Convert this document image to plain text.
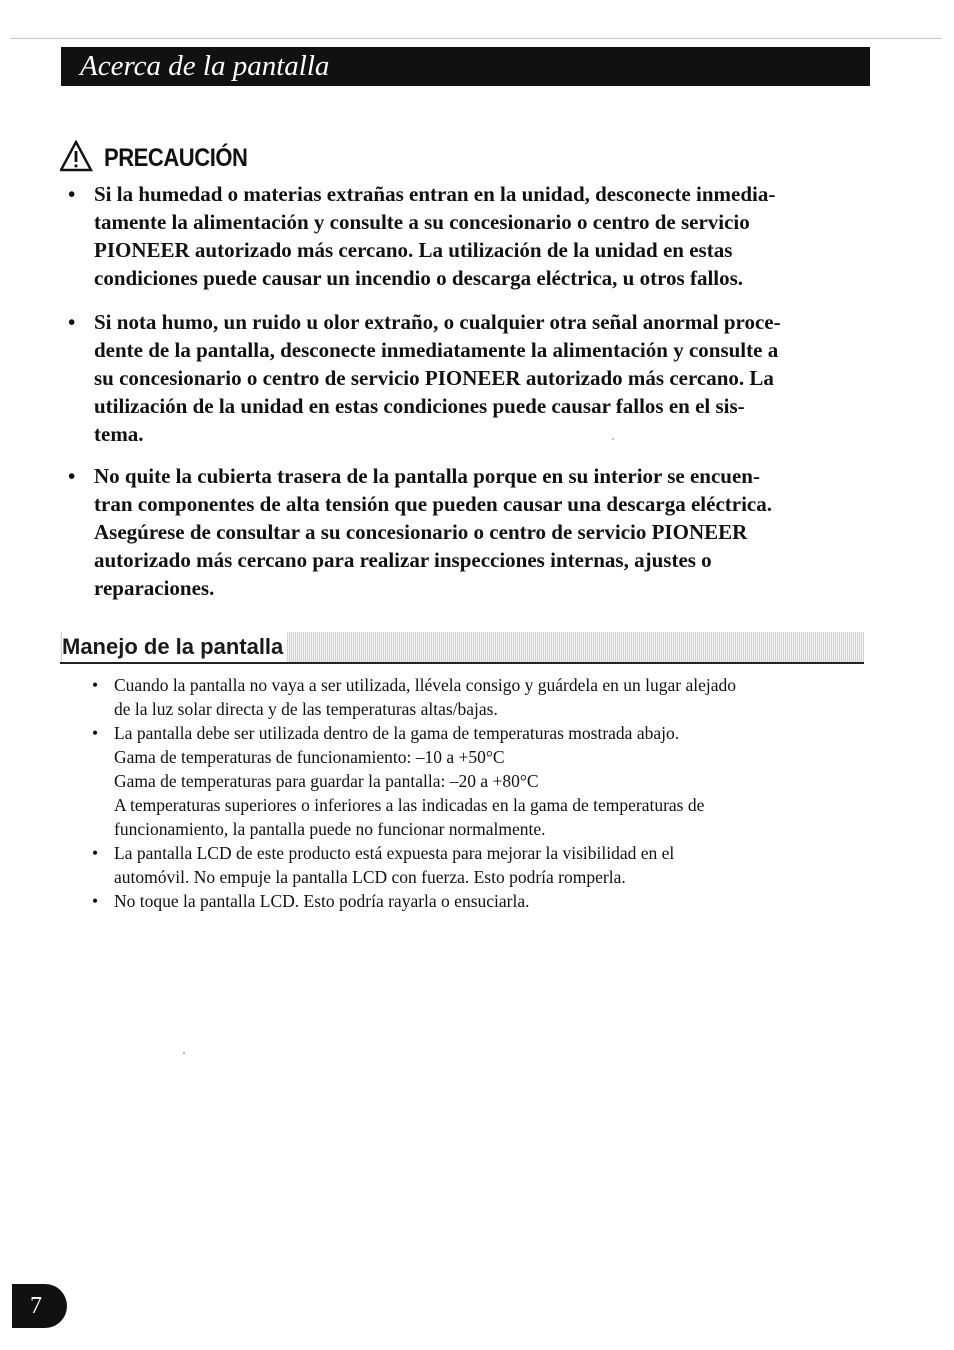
Acerca de la pantalla
PRECAUCIÓN
• Si la humedad o materias extrañas entran en la unidad, desconecte inmedia-
tamente la alimentación y consulte a su concesionario o centro de servicio
PIONEER autorizado más cercano. La utilización de la unidad en estas
condiciones puede causar un incendio o descarga eléctrica, u otros fallos.
• Si nota humo, un ruido u olor extraño, o cualquier otra señal anormal proce-
dente de la pantalla, desconecte inmediatamente la alimentación y consulte a
su concesionario o centro de servicio PIONEER autorizado más cercano. La
utilización de la unidad en estas condiciones puede causar fallos en el sis-
tema.
• No quite la cubierta trasera de la pantalla porque en su interior se encuen-
tran componentes de alta tensión que pueden causar una descarga eléctrica.
Asegúrese de consultar a su concesionario o centro de servicio PIONEER
autorizado más cercano para realizar inspecciones internas, ajustes o
reparaciones.
Manejo de la pantalla
• Cuando la pantalla no vaya a ser utilizada, llévela consigo y guárdela en un lugar alejado
de la luz solar directa y de las temperaturas altas/bajas.
• La pantalla debe ser utilizada dentro de la gama de temperaturas mostrada abajo.
Gama de temperaturas de funcionamiento: –10 a +50°C
Gama de temperaturas para guardar la pantalla: –20 a +80°C
A temperaturas superiores o inferiores a las indicadas en la gama de temperaturas de
funcionamiento, la pantalla puede no funcionar normalmente.
• La pantalla LCD de este producto está expuesta para mejorar la visibilidad en el
automóvil. No empuje la pantalla LCD con fuerza. Esto podría romperla.
• No toque la pantalla LCD. Esto podría rayarla o ensuciarla.
7
